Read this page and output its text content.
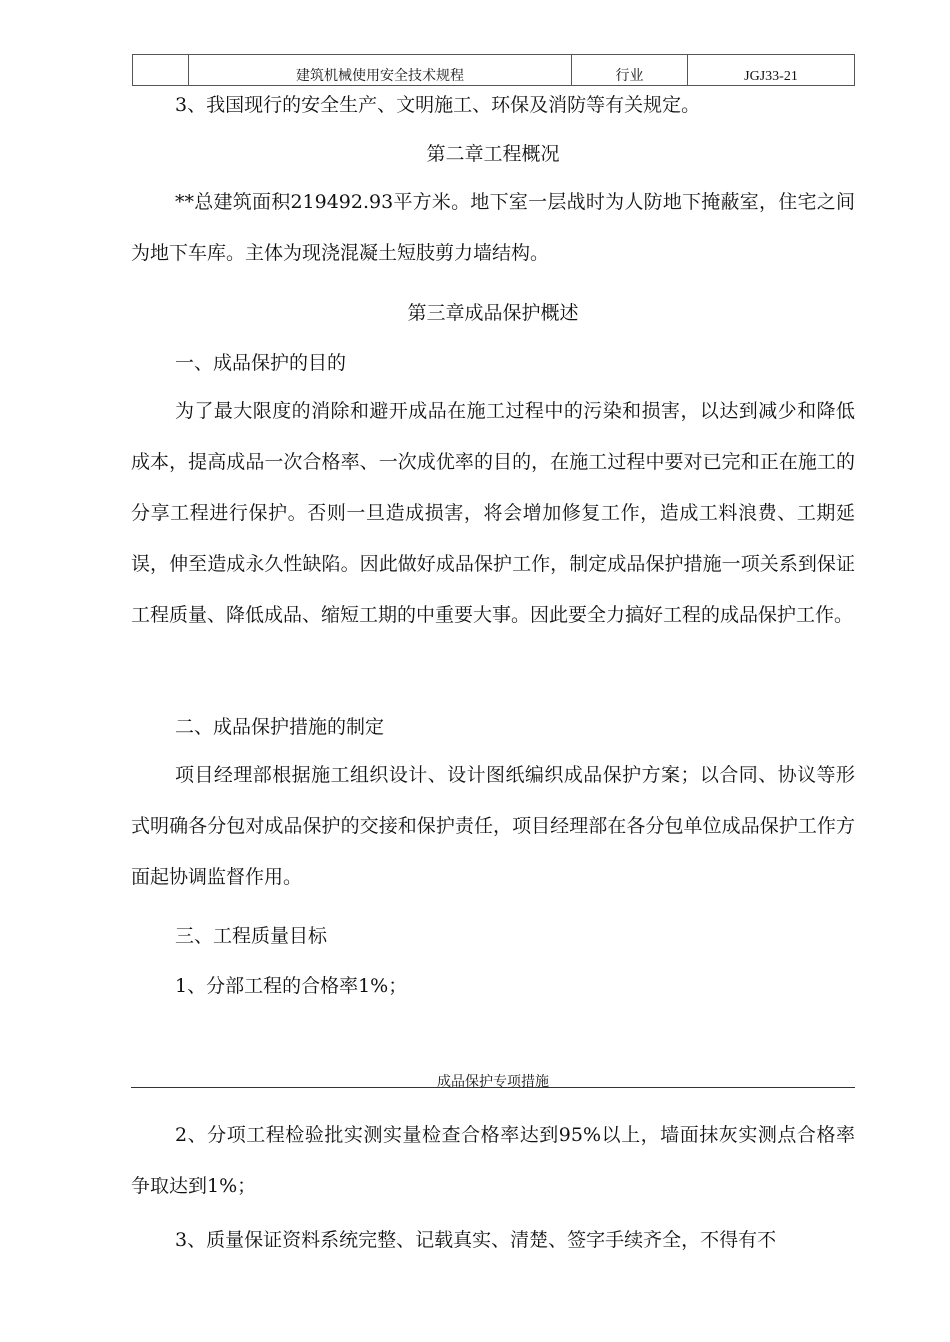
	建筑机械使用安全技术规程	行业	JGJ33-21

3、我国现行的安全生产、文明施工、环保及消防等有关规定。

第二章工程概况

**总建筑面积219492.93平方米。地下室一层战时为人防地下掩蔽室，住宅之间为地下车库。主体为现浇混凝土短肢剪力墙结构。

第三章成品保护概述

一、成品保护的目的

为了最大限度的消除和避开成品在施工过程中的污染和损害，以达到减少和降低成本，提高成品一次合格率、一次成优率的目的，在施工过程中要对已完和正在施工的分享工程进行保护。否则一旦造成损害，将会增加修复工作，造成工料浪费、工期延误，伸至造成永久性缺陷。因此做好成品保护工作，制定成品保护措施一项关系到保证工程质量、降低成品、缩短工期的中重要大事。因此要全力搞好工程的成品保护工作。

二、成品保护措施的制定

项目经理部根据施工组织设计、设计图纸编织成品保护方案；以合同、协议等形式明确各分包对成品保护的交接和保护责任，项目经理部在各分包单位成品保护工作方面起协调监督作用。

三、工程质量目标

1、分部工程的合格率1%；

成品保护专项措施

2、分项工程检验批实测实量检查合格率达到95%以上，墙面抹灰实测点合格率争取达到1%；

3、质量保证资料系统完整、记载真实、清楚、签字手续齐全，不得有不
